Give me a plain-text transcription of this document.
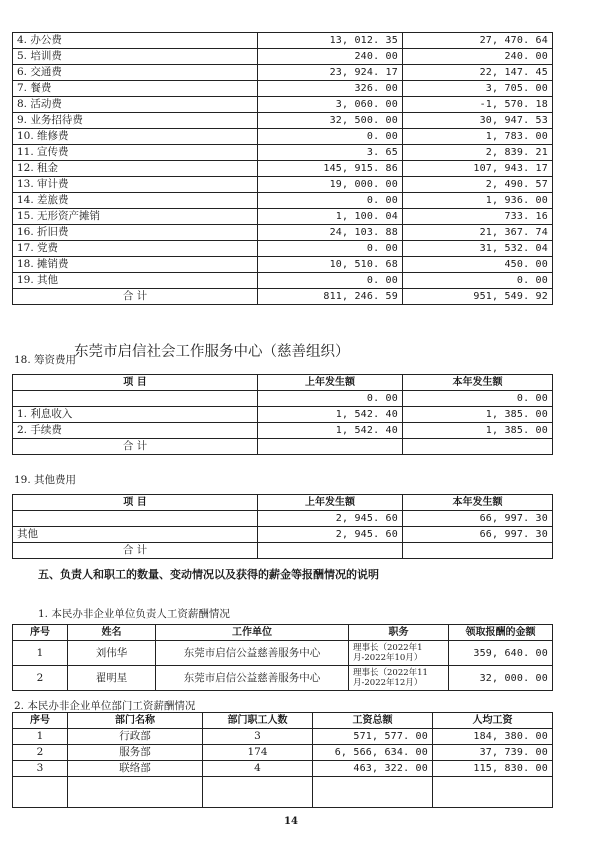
4. 办公费	13, 012. 35	27, 470. 64
5. 培训费	240. 00	240. 00
6. 交通费	23, 924. 17	22, 147. 45
7. 餐费	326. 00	3, 705. 00
8. 活动费	3, 060. 00	-1, 570. 18
9. 业务招待费	32, 500. 00	30, 947. 53
10. 维修费	0. 00	1, 783. 00
11. 宣传费	3. 65	2, 839. 21
12. 租金	145, 915. 86	107, 943. 17
13. 审计费	19, 000. 00	2, 490. 57
14. 差旅费	0. 00	1, 936. 00
15. 无形资产摊销	1, 100. 04	733. 16
16. 折旧费	24, 103. 88	21, 367. 74
17. 党费	0. 00	31, 532. 04
18. 摊销费	10, 510. 68	450. 00
19. 其他	0. 00	0. 00
合 计	811, 246. 59	951, 549. 92
东莞市启信社会工作服务中心（慈善组织）
18. 筹资费用
项 目	上年发生额	本年发生额
	0. 00	0. 00
1. 利息收入	1, 542. 40	1, 385. 00
2. 手续费	1, 542. 40	1, 385. 00
合 计		
19. 其他费用
项 目	上年发生额	本年发生额
	2, 945. 60	66, 997. 30
其他	2, 945. 60	66, 997. 30
合 计		
五、负责人和职工的数量、变动情况以及获得的薪金等报酬情况的说明
1. 本民办非企业单位负责人工资薪酬情况
序号	姓名	工作单位	职务	领取报酬的金额
1	刘伟华	东莞市启信公益慈善服务中心	理事长（2022年1月-2022年10月）	359, 640. 00
2	翟明星	东莞市启信公益慈善服务中心	理事长（2022年11月-2022年12月）	32, 000. 00
2. 本民办非企业单位部门工资薪酬情况
序号	部门名称	部门职工人数	工资总额	人均工资
1	行政部	3	571, 577. 00	184, 380. 00
2	服务部	174	6, 566, 634. 00	37, 739. 00
3	联络部	4	463, 322. 00	115, 830. 00

14
